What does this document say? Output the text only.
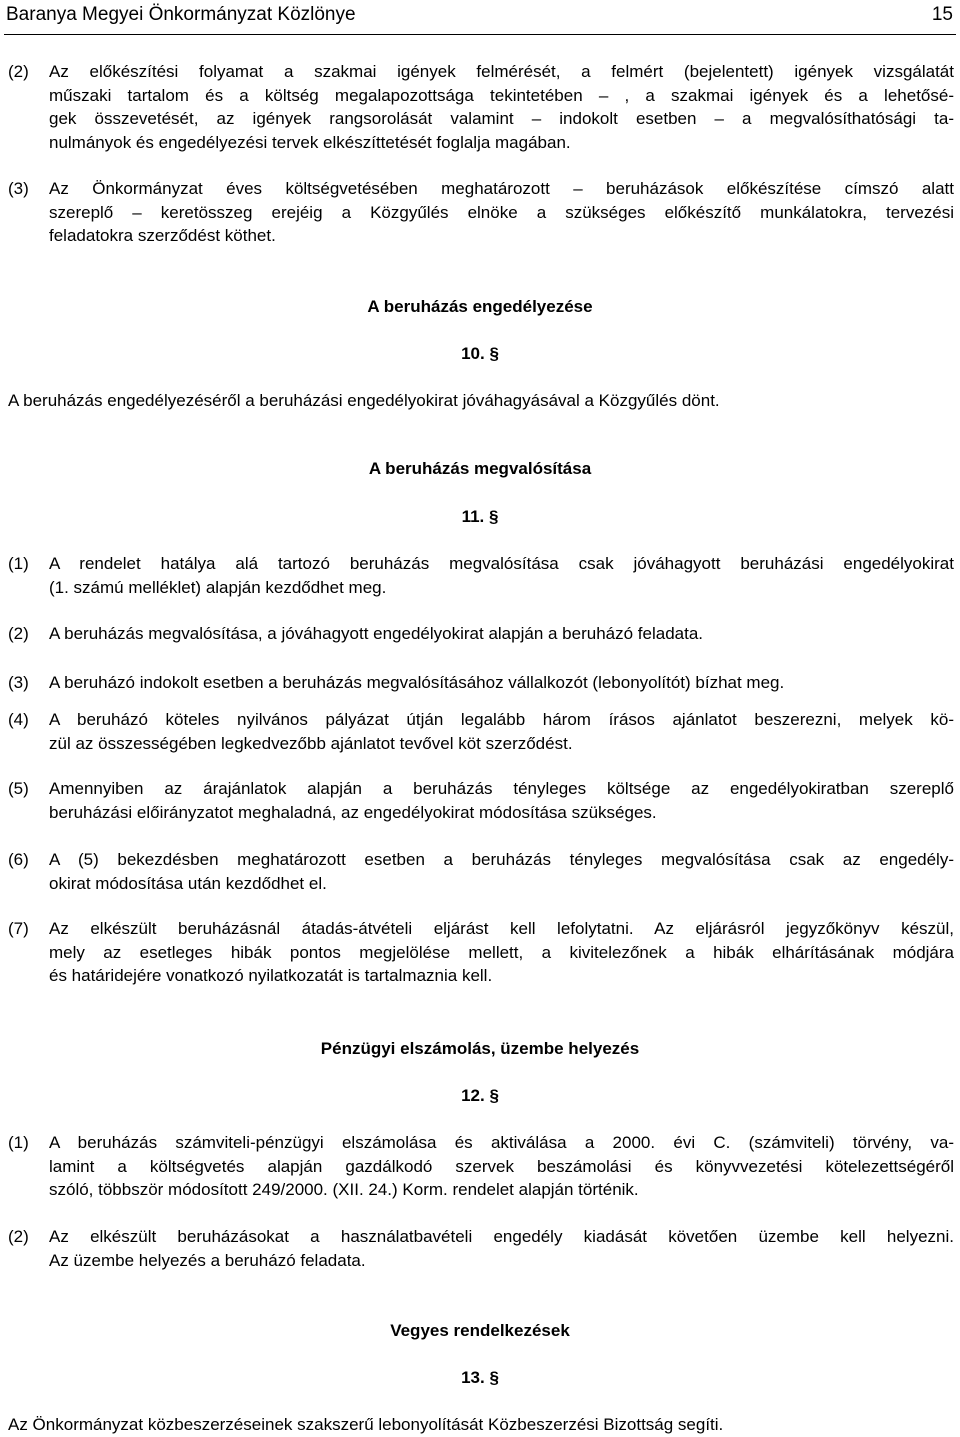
Baranya Megyei Önkormányzat Közlönye	15
(2) Az előkészítési folyamat a szakmai igények felmérését, a felmért (bejelentett) igények vizsgálatát
műszaki tartalom és a költség megalapozottsága tekintetében – , a szakmai igények és a lehetősé-
gek összevetését, az igények rangsorolását valamint – indokolt esetben – a megvalósíthatósági ta-
nulmányok és engedélyezési tervek elkészíttetését foglalja magában.
(3) Az Önkormányzat éves költségvetésében meghatározott – beruházások előkészítése címszó alatt
szereplő – keretösszeg erejéig a Közgyűlés elnöke a szükséges előkészítő munkálatokra, tervezési
feladatokra szerződést köthet.
A beruházás engedélyezése
10. §
A beruházás engedélyezéséről a beruházási engedélyokirat jóváhagyásával a Közgyűlés dönt.
A beruházás megvalósítása
11. §
(1) A rendelet hatálya alá tartozó beruházás megvalósítása csak jóváhagyott beruházási engedélyokirat
(1. számú melléklet) alapján kezdődhet meg.
(2) A beruházás megvalósítása, a jóváhagyott engedélyokirat alapján a beruházó feladata.
(3) A beruházó indokolt esetben a beruházás megvalósításához vállalkozót (lebonyolítót) bízhat meg.
(4) A beruházó köteles nyilvános pályázat útján legalább három írásos ajánlatot beszerezni, melyek kö-
zül az összességében legkedvezőbb ajánlatot tevővel köt szerződést.
(5) Amennyiben az árajánlatok alapján a beruházás tényleges költsége az engedélyokiratban szereplő
beruházási előirányzatot meghaladná, az engedélyokirat módosítása szükséges.
(6) A (5) bekezdésben meghatározott esetben a beruházás tényleges megvalósítása csak az engedély-
okirat módosítása után kezdődhet el.
(7) Az elkészült beruházásnál átadás-átvételi eljárást kell lefolytatni. Az eljárásról jegyzőkönyv készül,
mely az esetleges hibák pontos megjelölése mellett, a kivitelezőnek a hibák elhárításának módjára
és határidejére vonatkozó nyilatkozatát is tartalmaznia kell.
Pénzügyi elszámolás, üzembe helyezés
12. §
(1) A beruházás számviteli-pénzügyi elszámolása és aktiválása a 2000. évi C. (számviteli) törvény, va-
lamint a költségvetés alapján gazdálkodó szervek beszámolási és könyvvezetési kötelezettségéről
szóló, többször módosított 249/2000. (XII. 24.) Korm. rendelet alapján történik.
(2) Az elkészült beruházásokat a használatbavételi engedély kiadását követően üzembe kell helyezni.
Az üzembe helyezés a beruházó feladata.
Vegyes rendelkezések
13. §
Az Önkormányzat közbeszerzéseinek szakszerű lebonyolítását Közbeszerzési Bizottság segíti.
